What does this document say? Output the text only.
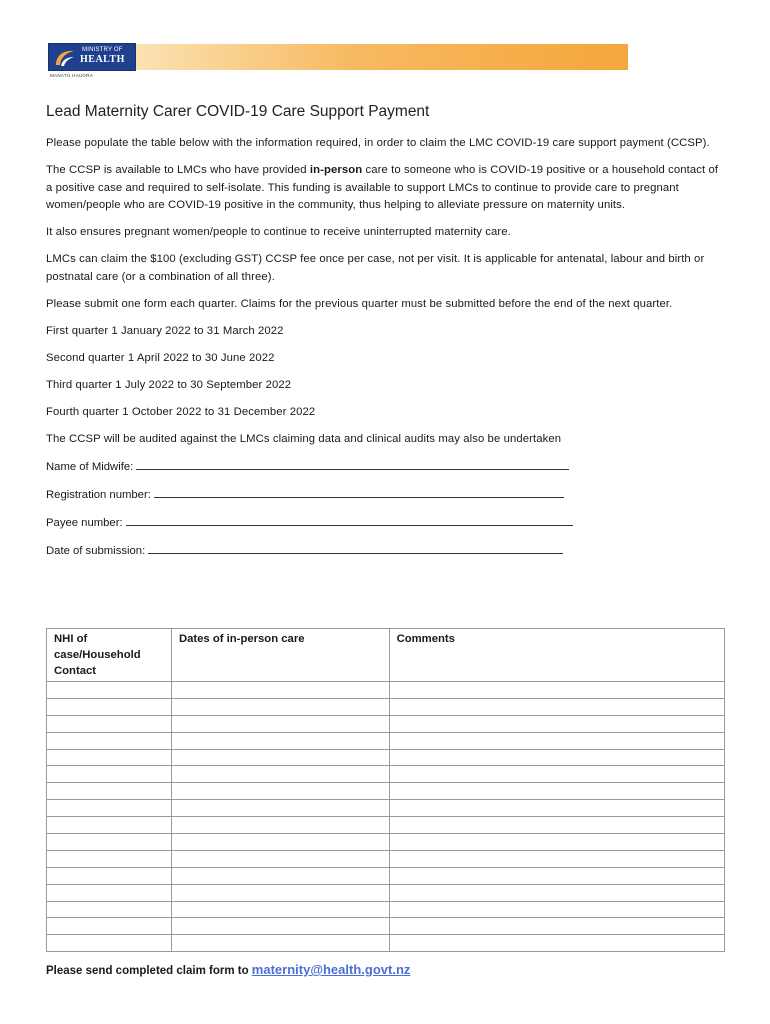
MINISTRY OF
HEALTH
MANATŪ HAUORA
Lead Maternity Carer COVID-19 Care Support Payment

Please populate the table below with the information required, in order to claim the LMC COVID-19 care support payment (CCSP).

The CCSP is available to LMCs who have provided in-person care to someone who is COVID-19 positive or a household contact of a positive case and required to self-isolate. This funding is available to support LMCs to continue to provide care to pregnant women/people who are COVID-19 positive in the community, thus helping to alleviate pressure on maternity units.

It also ensures pregnant women/people to continue to receive uninterrupted maternity care.

LMCs can claim the $100 (excluding GST) CCSP fee once per case, not per visit. It is applicable for antenatal, labour and birth or postnatal care (or a combination of all three).

Please submit one form each quarter. Claims for the previous quarter must be submitted before the end of the next quarter.

First quarter 1 January 2022 to 31 March 2022

Second quarter 1 April 2022 to 30 June 2022

Third quarter 1 July 2022 to 30 September 2022

Fourth quarter 1 October 2022 to 31 December 2022

The CCSP will be audited against the LMCs claiming data and clinical audits may also be undertaken

Name of Midwife:
Registration number:
Payee number:
Date of submission:
NHI of case/Household Contact	Dates of in-person care	Comments

Please send completed claim form to maternity@health.govt.nz
